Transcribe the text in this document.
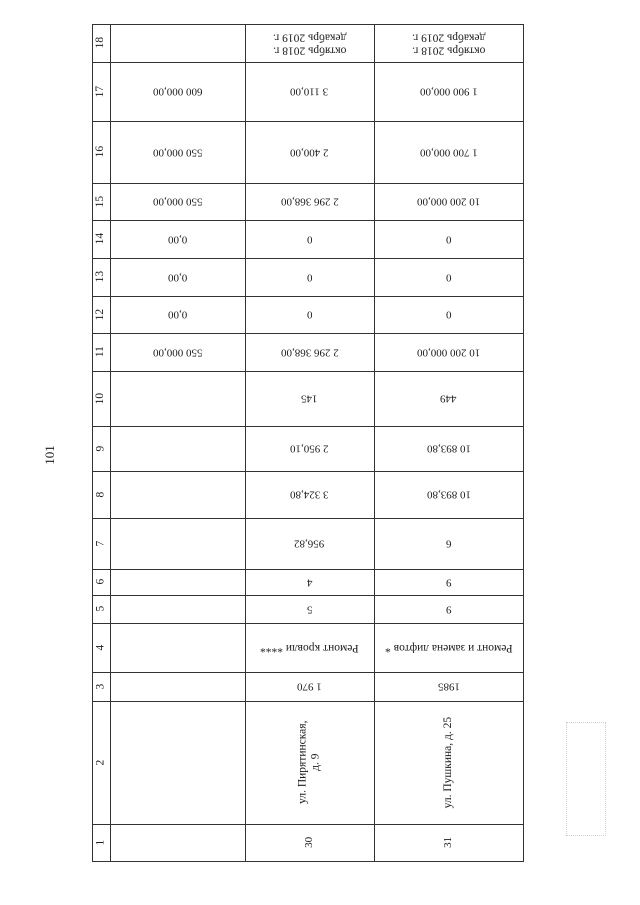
101
18
17
16
15
14
13
12
11
10
9
8
7
6
5
4
3
2
1
600 000,00
550 000,00
550 000,00
0,00
0,00
0,00
550 000,00
октябрь 2018 г.
декабрь 2019 г.
3 110,00
2 400,00
2 296 368,00
0
0
0
2 296 368,00
145
2 950,10
3 324,80
956,82
4
5
Ремонт кровли ****
1 970
ул. Пирятинская, д. 9
30
октябрь 2018 г.
декабрь 2019 г.
1 900 000,00
1 700 000,00
10 200 000,00
0
0
0
10 200 000,00
449
10 893,80
10 893,80
6
9
9
Ремонт и замена лифтов *
1985
ул. Пушкина, д. 25
31
